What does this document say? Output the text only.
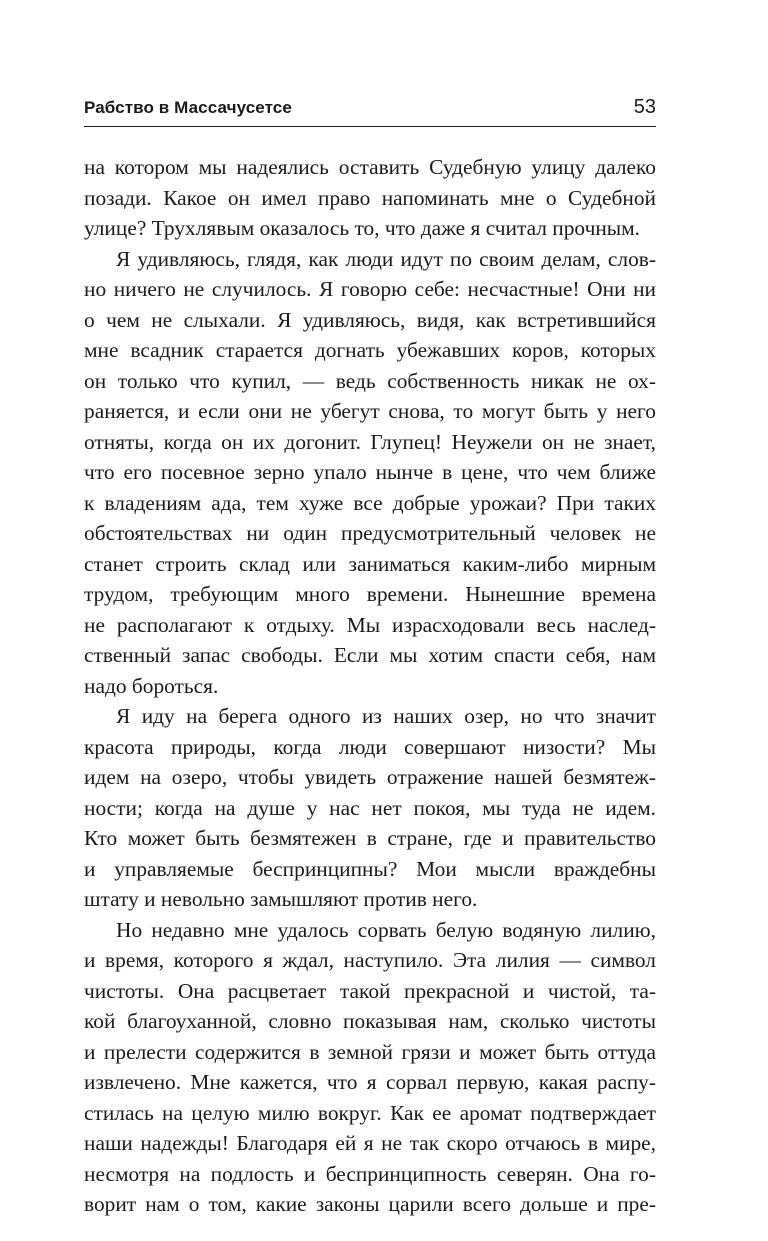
Рабство в Массачусетсе	53
на котором мы надеялись оставить Судебную улицу далеко
позади. Какое он имел право напоминать мне о Судебной
улице? Трухлявым оказалось то, что даже я считал прочным.
Я удивляюсь, глядя, как люди идут по своим делам, слов-
но ничего не случилось. Я говорю себе: несчастные! Они ни
о чем не слыхали. Я удивляюсь, видя, как встретившийся
мне всадник старается догнать убежавших коров, которых
он только что купил, — ведь собственность никак не ох-
раняется, и если они не убегут снова, то могут быть у него
отняты, когда он их догонит. Глупец! Неужели он не знает,
что его посевное зерно упало нынче в цене, что чем ближе
к владениям ада, тем хуже все добрые урожаи? При таких
обстоятельствах ни один предусмотрительный человек не
станет строить склад или заниматься каким-либо мирным
трудом, требующим много времени. Нынешние времена
не располагают к отдыху. Мы израсходовали весь наслед-
ственный запас свободы. Если мы хотим спасти себя, нам
надо бороться.
Я иду на берега одного из наших озер, но что значит
красота природы, когда люди совершают низости? Мы
идем на озеро, чтобы увидеть отражение нашей безмятеж-
ности; когда на душе у нас нет покоя, мы туда не идем.
Кто может быть безмятежен в стране, где и правительство
и управляемые беспринципны? Мои мысли враждебны
штату и невольно замышляют против него.
Но недавно мне удалось сорвать белую водяную лилию,
и время, которого я ждал, наступило. Эта лилия — символ
чистоты. Она расцветает такой прекрасной и чистой, та-
кой благоуханной, словно показывая нам, сколько чистоты
и прелести содержится в земной грязи и может быть оттуда
извлечено. Мне кажется, что я сорвал первую, какая распу-
стилась на целую милю вокруг. Как ее аромат подтверждает
наши надежды! Благодаря ей я не так скоро отчаюсь в мире,
несмотря на подлость и беспринципность северян. Она го-
ворит нам о том, какие законы царили всего дольше и пре-
